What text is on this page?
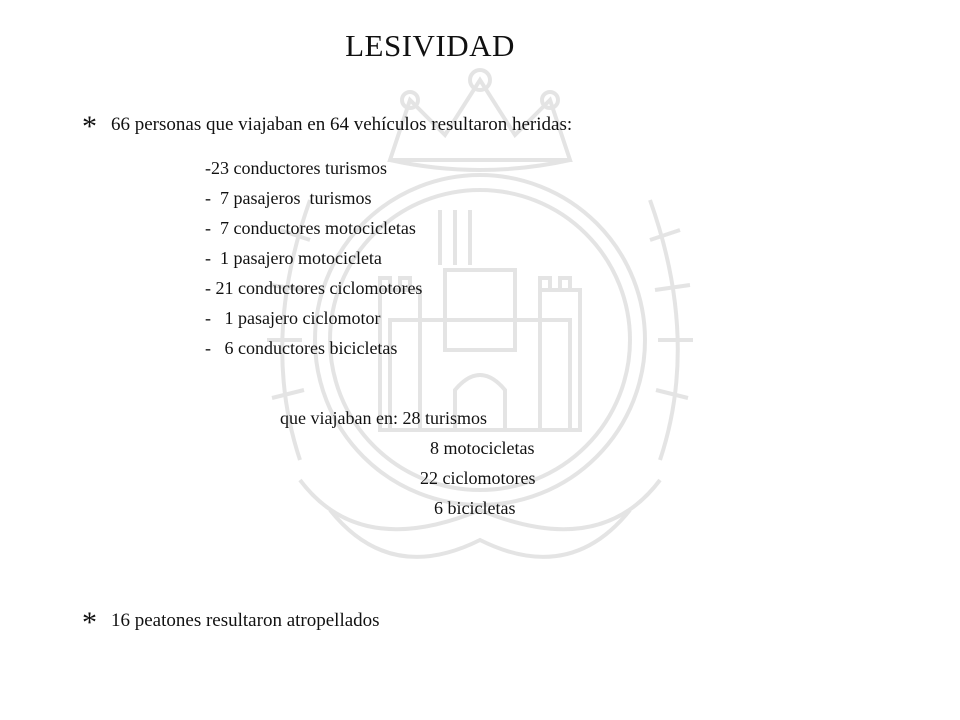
LESIVIDAD
* 66 personas que viajaban en 64 vehículos resultaron heridas:
-23 conductores turismos
-  7 pasajeros  turismos
-  7 conductores motocicletas
-  1 pasajero motocicleta
- 21 conductores ciclomotores
-   1 pasajero ciclomotor
-   6 conductores bicicletas
que viajaban en: 28 turismos
8 motocicletas
22 ciclomotores
6 bicicletas
* 16 peatones resultaron atropellados
